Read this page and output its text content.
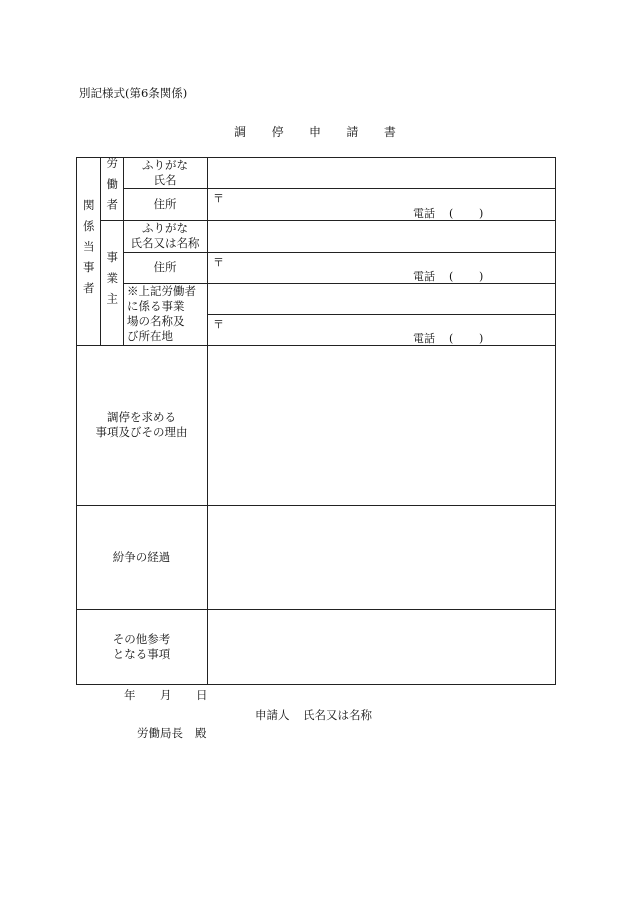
別記様式(第6条関係)
調 停 申 請 書
関係当事者
労働者
事業主
ふりがな
氏名
住所
ふりがな
氏名又は名称
住所
※上記労働者
に係る事業
場の名称及
び所在地
調停を求める
事項及びその理由
紛争の経過
その他参考
となる事項
〒
電話 ( )
〒
電話 ( )
〒
電話 ( )
年 月 日
申請人 氏名又は名称
労働局長 殿
